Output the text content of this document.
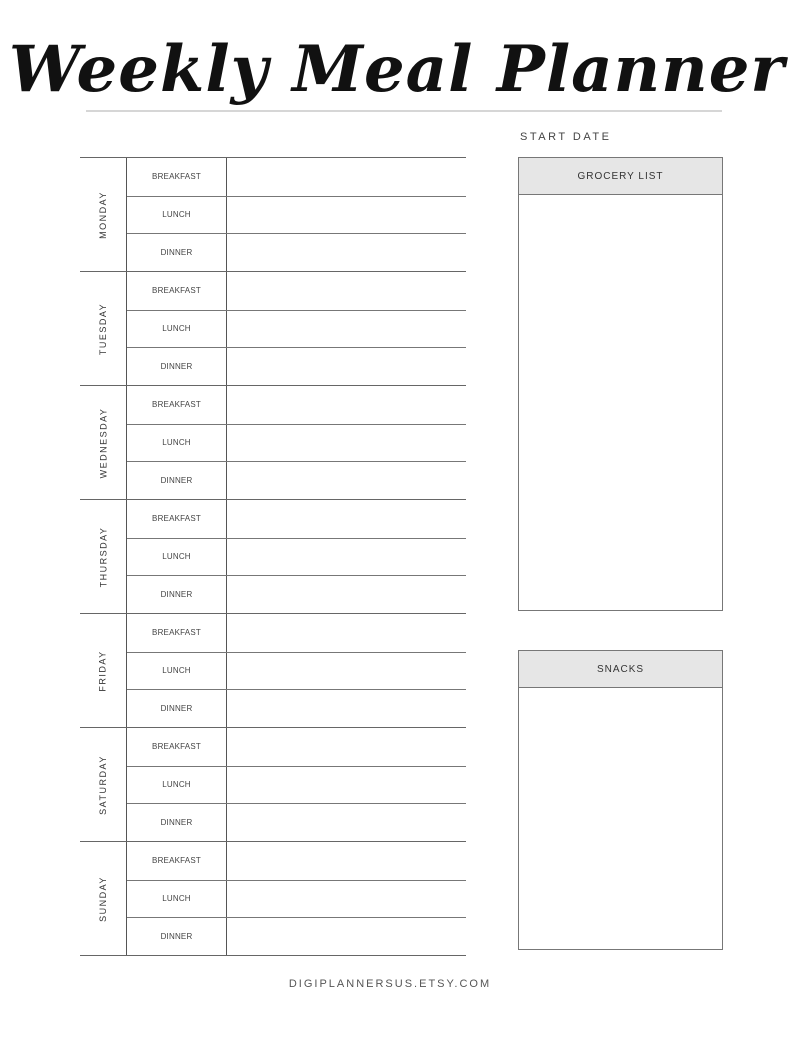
Weekly Meal Planner
START DATE
MONDAY
BREAKFAST
LUNCH
DINNER
TUESDAY
BREAKFAST
LUNCH
DINNER
WEDNESDAY
BREAKFAST
LUNCH
DINNER
THURSDAY
BREAKFAST
LUNCH
DINNER
FRIDAY
BREAKFAST
LUNCH
DINNER
SATURDAY
BREAKFAST
LUNCH
DINNER
SUNDAY
BREAKFAST
LUNCH
DINNER
GROCERY LIST
SNACKS
DIGIPLANNERSUS.ETSY.COM
